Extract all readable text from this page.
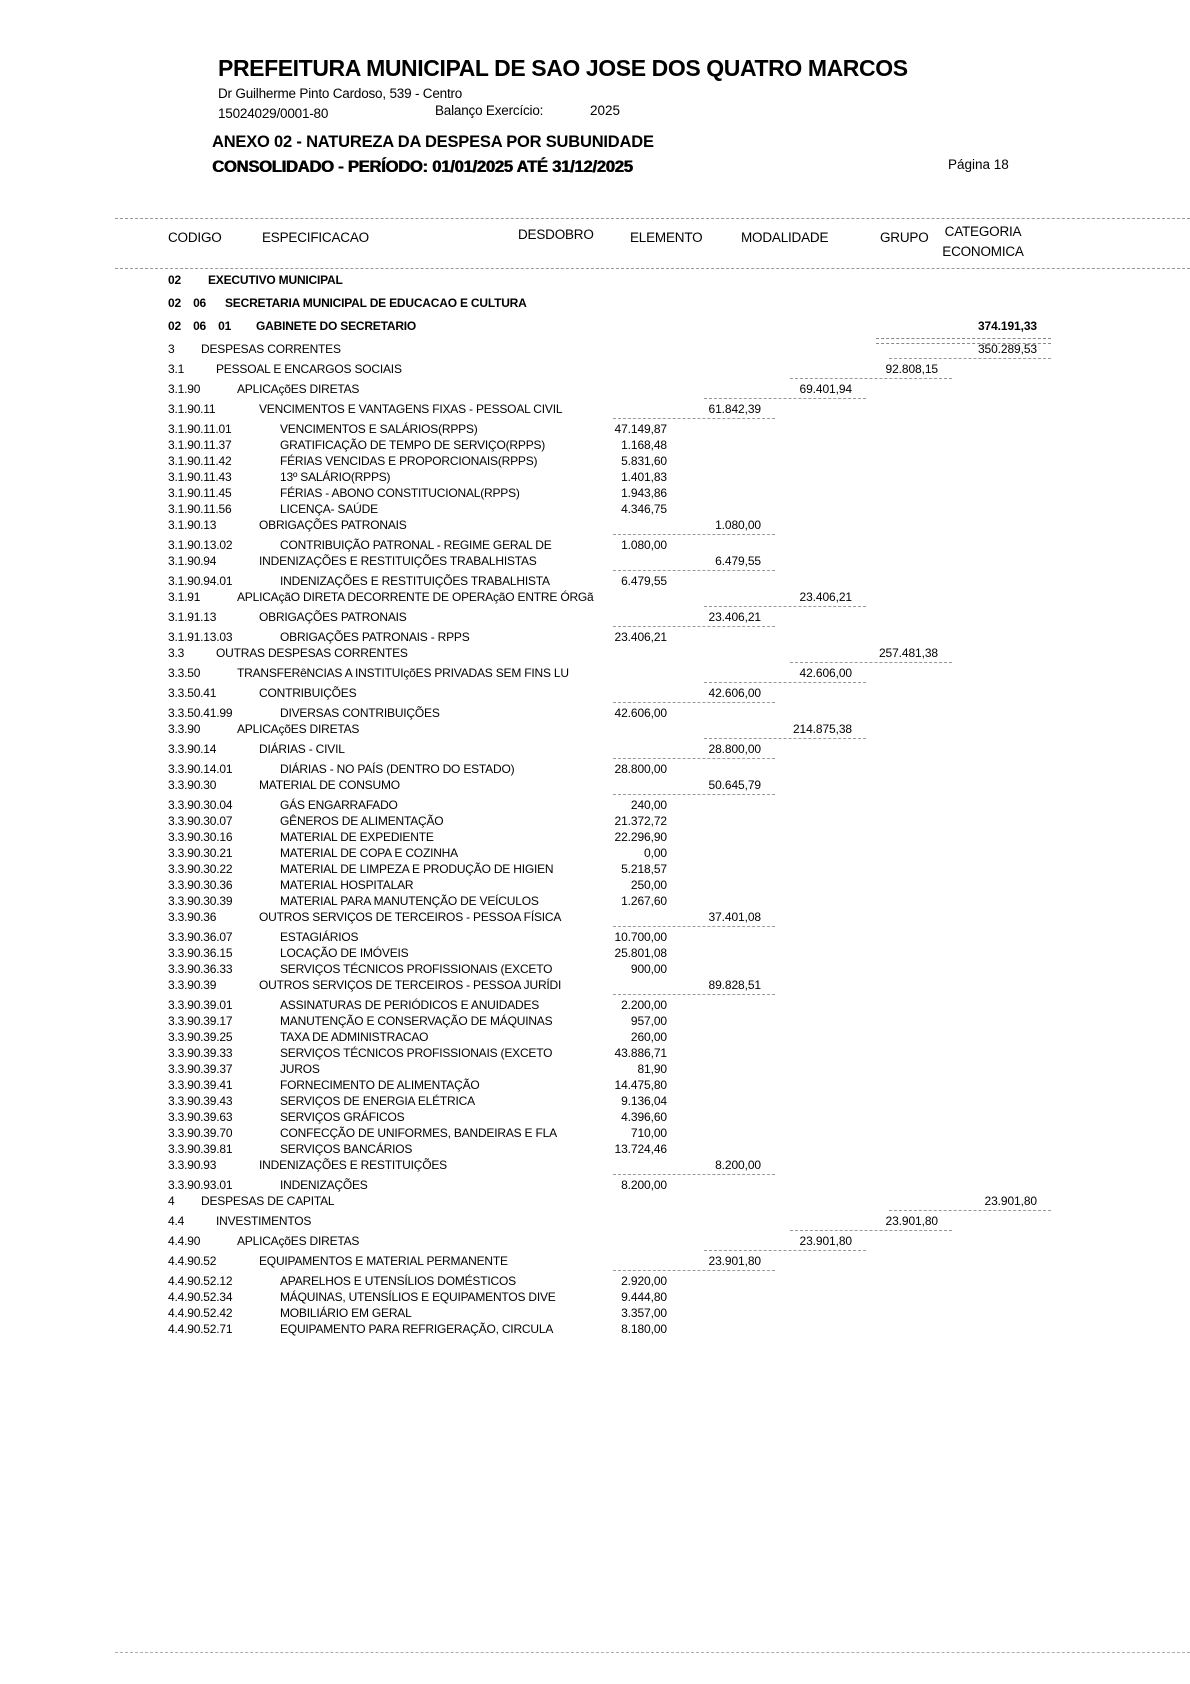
PREFEITURA MUNICIPAL DE SAO JOSE DOS QUATRO MARCOS
Dr Guilherme Pinto Cardoso, 539 - Centro
15024029/0001-80	Balanço Exercício:	2025
ANEXO 02 - NATUREZA DA DESPESA POR SUBUNIDADE
CONSOLIDADO - PERÍODO: 01/01/2025 ATÉ 31/12/2025	Página 18
CODIGO	ESPECIFICACAO	DESDOBRO	ELEMENTO	MODALIDADE	GRUPO	CATEGORIA
ECONOMICA
02 EXECUTIVO MUNICIPAL
02 06 SECRETARIA MUNICIPAL DE EDUCACAO E CULTURA
02 06 01 GABINETE DO SECRETARIO	374.191,33
3 DESPESAS CORRENTES	350.289,53
3.1	PESSOAL E ENCARGOS SOCIAIS	92.808,15
3.1.90	APLICAçõES DIRETAS	69.401,94
3.1.90.11	VENCIMENTOS E VANTAGENS FIXAS - PESSOAL CIVIL	61.842,39
3.1.90.11.01	VENCIMENTOS E SALÁRIOS(RPPS)	47.149,87
3.1.90.11.37	GRATIFICAÇÃO DE TEMPO DE SERVIÇO(RPPS)	1.168,48
3.1.90.11.42	FÉRIAS VENCIDAS E PROPORCIONAIS(RPPS)	5.831,60
3.1.90.11.43	13º SALÁRIO(RPPS)	1.401,83
3.1.90.11.45	FÉRIAS - ABONO CONSTITUCIONAL(RPPS)	1.943,86
3.1.90.11.56	LICENÇA- SAÚDE	4.346,75
3.1.90.13	OBRIGAÇÕES PATRONAIS	1.080,00
3.1.90.13.02	CONTRIBUIÇÃO PATRONAL - REGIME GERAL DE	1.080,00
3.1.90.94	INDENIZAÇÕES E RESTITUIÇÕES TRABALHISTAS	6.479,55
3.1.90.94.01	INDENIZAÇÕES E RESTITUIÇÕES TRABALHISTA	6.479,55
3.1.91	APLICAçãO DIRETA DECORRENTE DE OPERAçãO ENTRE ÓRGã	23.406,21
3.1.91.13	OBRIGAÇÕES PATRONAIS	23.406,21
3.1.91.13.03	OBRIGAÇÕES PATRONAIS - RPPS	23.406,21
3.3	OUTRAS DESPESAS CORRENTES	257.481,38
3.3.50	TRANSFERêNCIAS A INSTITUIçõES PRIVADAS SEM FINS LU	42.606,00
3.3.50.41	CONTRIBUIÇÕES	42.606,00
3.3.50.41.99	DIVERSAS CONTRIBUIÇÕES	42.606,00
3.3.90	APLICAçõES DIRETAS	214.875,38
3.3.90.14	DIÁRIAS - CIVIL	28.800,00
3.3.90.14.01	DIÁRIAS - NO PAÍS (DENTRO DO ESTADO)	28.800,00
3.3.90.30	MATERIAL DE CONSUMO	50.645,79
3.3.90.30.04	GÁS ENGARRAFADO	240,00
3.3.90.30.07	GÊNEROS DE ALIMENTAÇÃO	21.372,72
3.3.90.30.16	MATERIAL DE EXPEDIENTE	22.296,90
3.3.90.30.21	MATERIAL DE COPA E COZINHA	0,00
3.3.90.30.22	MATERIAL DE LIMPEZA E PRODUÇÃO DE HIGIEN	5.218,57
3.3.90.30.36	MATERIAL HOSPITALAR	250,00
3.3.90.30.39	MATERIAL PARA MANUTENÇÃO DE VEÍCULOS	1.267,60
3.3.90.36	OUTROS SERVIÇOS DE TERCEIROS - PESSOA FÍSICA	37.401,08
3.3.90.36.07	ESTAGIÁRIOS	10.700,00
3.3.90.36.15	LOCAÇÃO DE IMÓVEIS	25.801,08
3.3.90.36.33	SERVIÇOS TÉCNICOS PROFISSIONAIS (EXCETO	900,00
3.3.90.39	OUTROS SERVIÇOS DE TERCEIROS - PESSOA JURÍDI	89.828,51
3.3.90.39.01	ASSINATURAS DE PERIÓDICOS E ANUIDADES	2.200,00
3.3.90.39.17	MANUTENÇÃO E CONSERVAÇÃO DE MÁQUINAS	957,00
3.3.90.39.25	TAXA DE ADMINISTRACAO	260,00
3.3.90.39.33	SERVIÇOS TÉCNICOS PROFISSIONAIS (EXCETO	43.886,71
3.3.90.39.37	JUROS	81,90
3.3.90.39.41	FORNECIMENTO DE ALIMENTAÇÃO	14.475,80
3.3.90.39.43	SERVIÇOS DE ENERGIA ELÉTRICA	9.136,04
3.3.90.39.63	SERVIÇOS GRÁFICOS	4.396,60
3.3.90.39.70	CONFECÇÃO DE UNIFORMES, BANDEIRAS E FLA	710,00
3.3.90.39.81	SERVIÇOS BANCÁRIOS	13.724,46
3.3.90.93	INDENIZAÇÕES E RESTITUIÇÕES	8.200,00
3.3.90.93.01	INDENIZAÇÕES	8.200,00
4 DESPESAS DE CAPITAL	23.901,80
4.4	INVESTIMENTOS	23.901,80
4.4.90	APLICAçõES DIRETAS	23.901,80
4.4.90.52	EQUIPAMENTOS E MATERIAL PERMANENTE	23.901,80
4.4.90.52.12	APARELHOS E UTENSÍLIOS DOMÉSTICOS	2.920,00
4.4.90.52.34	MÁQUINAS, UTENSÍLIOS E EQUIPAMENTOS DIVE	9.444,80
4.4.90.52.42	MOBILIÁRIO EM GERAL	3.357,00
4.4.90.52.71	EQUIPAMENTO PARA REFRIGERAÇÃO, CIRCULA	8.180,00
